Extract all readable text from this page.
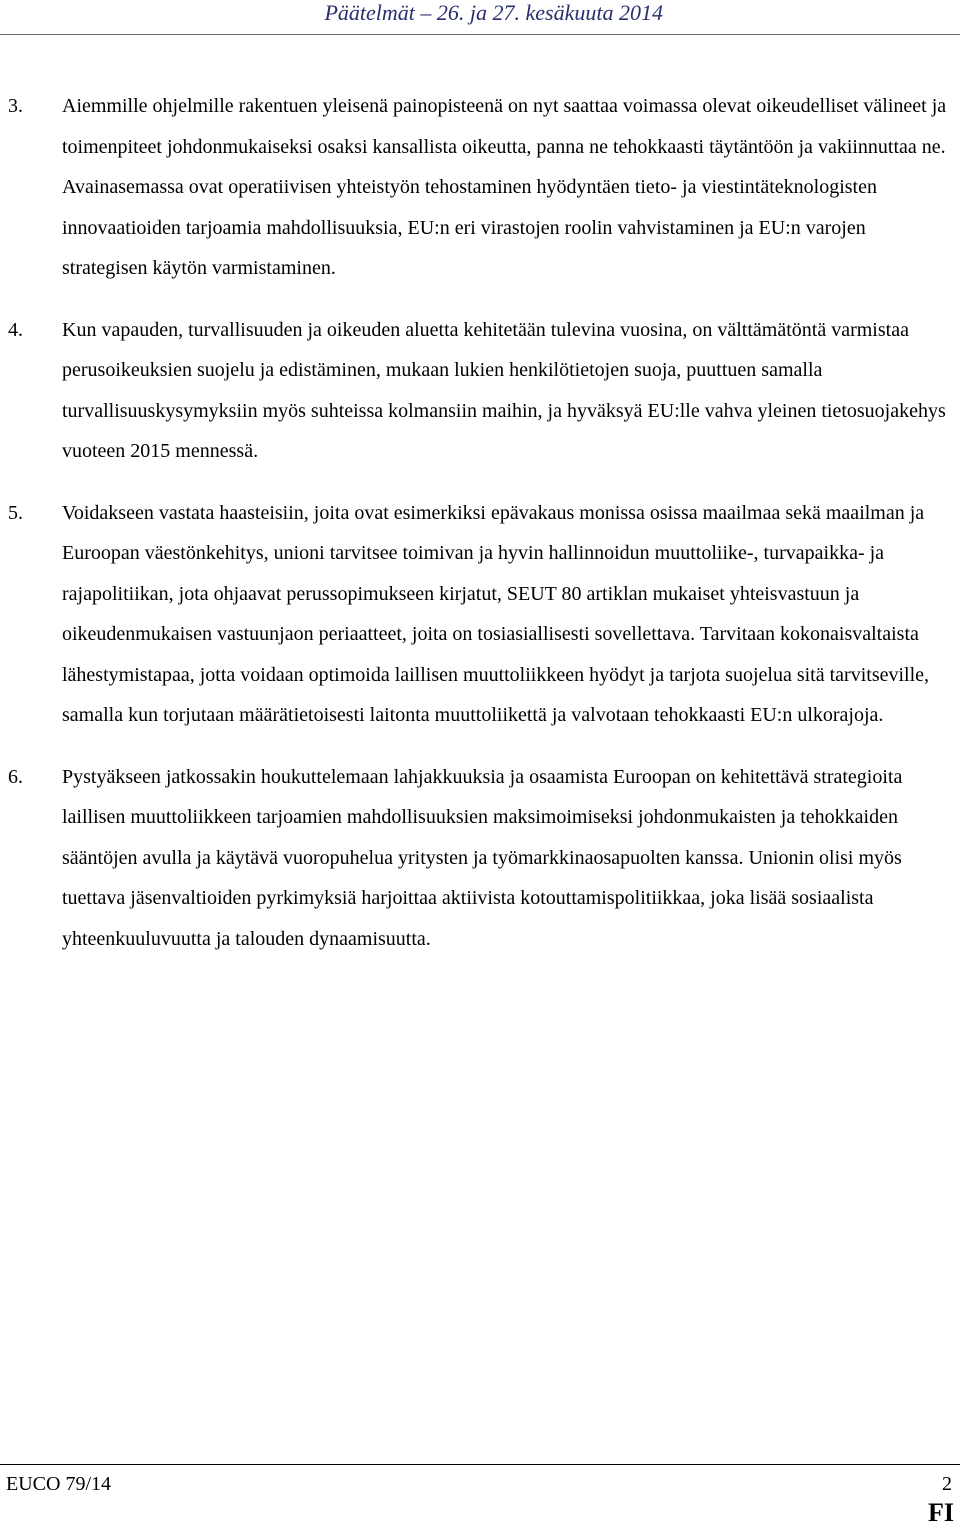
Päätelmät – 26. ja 27. kesäkuuta 2014
3. Aiemmille ohjelmille rakentuen yleisenä painopisteenä on nyt saattaa voimassa olevat oikeudelliset välineet ja toimenpiteet johdonmukaiseksi osaksi kansallista oikeutta, panna ne tehokkaasti täytäntöön ja vakiinnuttaa ne. Avainasemassa ovat operatiivisen yhteistyön tehostaminen hyödyntäen tieto- ja viestintäteknologisten innovaatioiden tarjoamia mahdollisuuksia, EU:n eri virastojen roolin vahvistaminen ja EU:n varojen strategisen käytön varmistaminen.
4. Kun vapauden, turvallisuuden ja oikeuden aluetta kehitetään tulevina vuosina, on välttämätöntä varmistaa perusoikeuksien suojelu ja edistäminen, mukaan lukien henkilötietojen suoja, puuttuen samalla turvallisuuskysymyksiin myös suhteissa kolmansiin maihin, ja hyväksyä EU:lle vahva yleinen tietosuojakehys vuoteen 2015 mennessä.
5. Voidakseen vastata haasteisiin, joita ovat esimerkiksi epävakaus monissa osissa maailmaa sekä maailman ja Euroopan väestönkehitys, unioni tarvitsee toimivan ja hyvin hallinnoidun muuttoliike-, turvapaikka- ja rajapolitiikan, jota ohjaavat perussopimukseen kirjatut, SEUT 80 artiklan mukaiset yhteisvastuun ja oikeudenmukaisen vastuunjaon periaatteet, joita on tosiasiallisesti sovellettava. Tarvitaan kokonaisvaltaista lähestymistapaa, jotta voidaan optimoida laillisen muuttoliikkeen hyödyt ja tarjota suojelua sitä tarvitseville, samalla kun torjutaan määrätietoisesti laitonta muuttoliikettä ja valvotaan tehokkaasti EU:n ulkorajoja.
6. Pystyäkseen jatkossakin houkuttelemaan lahjakkuuksia ja osaamista Euroopan on kehitettävä strategioita laillisen muuttoliikkeen tarjoamien mahdollisuuksien maksimoimiseksi johdonmukaisten ja tehokkaiden sääntöjen avulla ja käytävä vuoropuhelua yritysten ja työmarkkinaosapuolten kanssa. Unionin olisi myös tuettava jäsenvaltioiden pyrkimyksiä harjoittaa aktiivista kotouttamispolitiikkaa, joka lisää sosiaalista yhteenkuuluvuutta ja talouden dynaamisuutta.
EUCO 79/14	2
FI
